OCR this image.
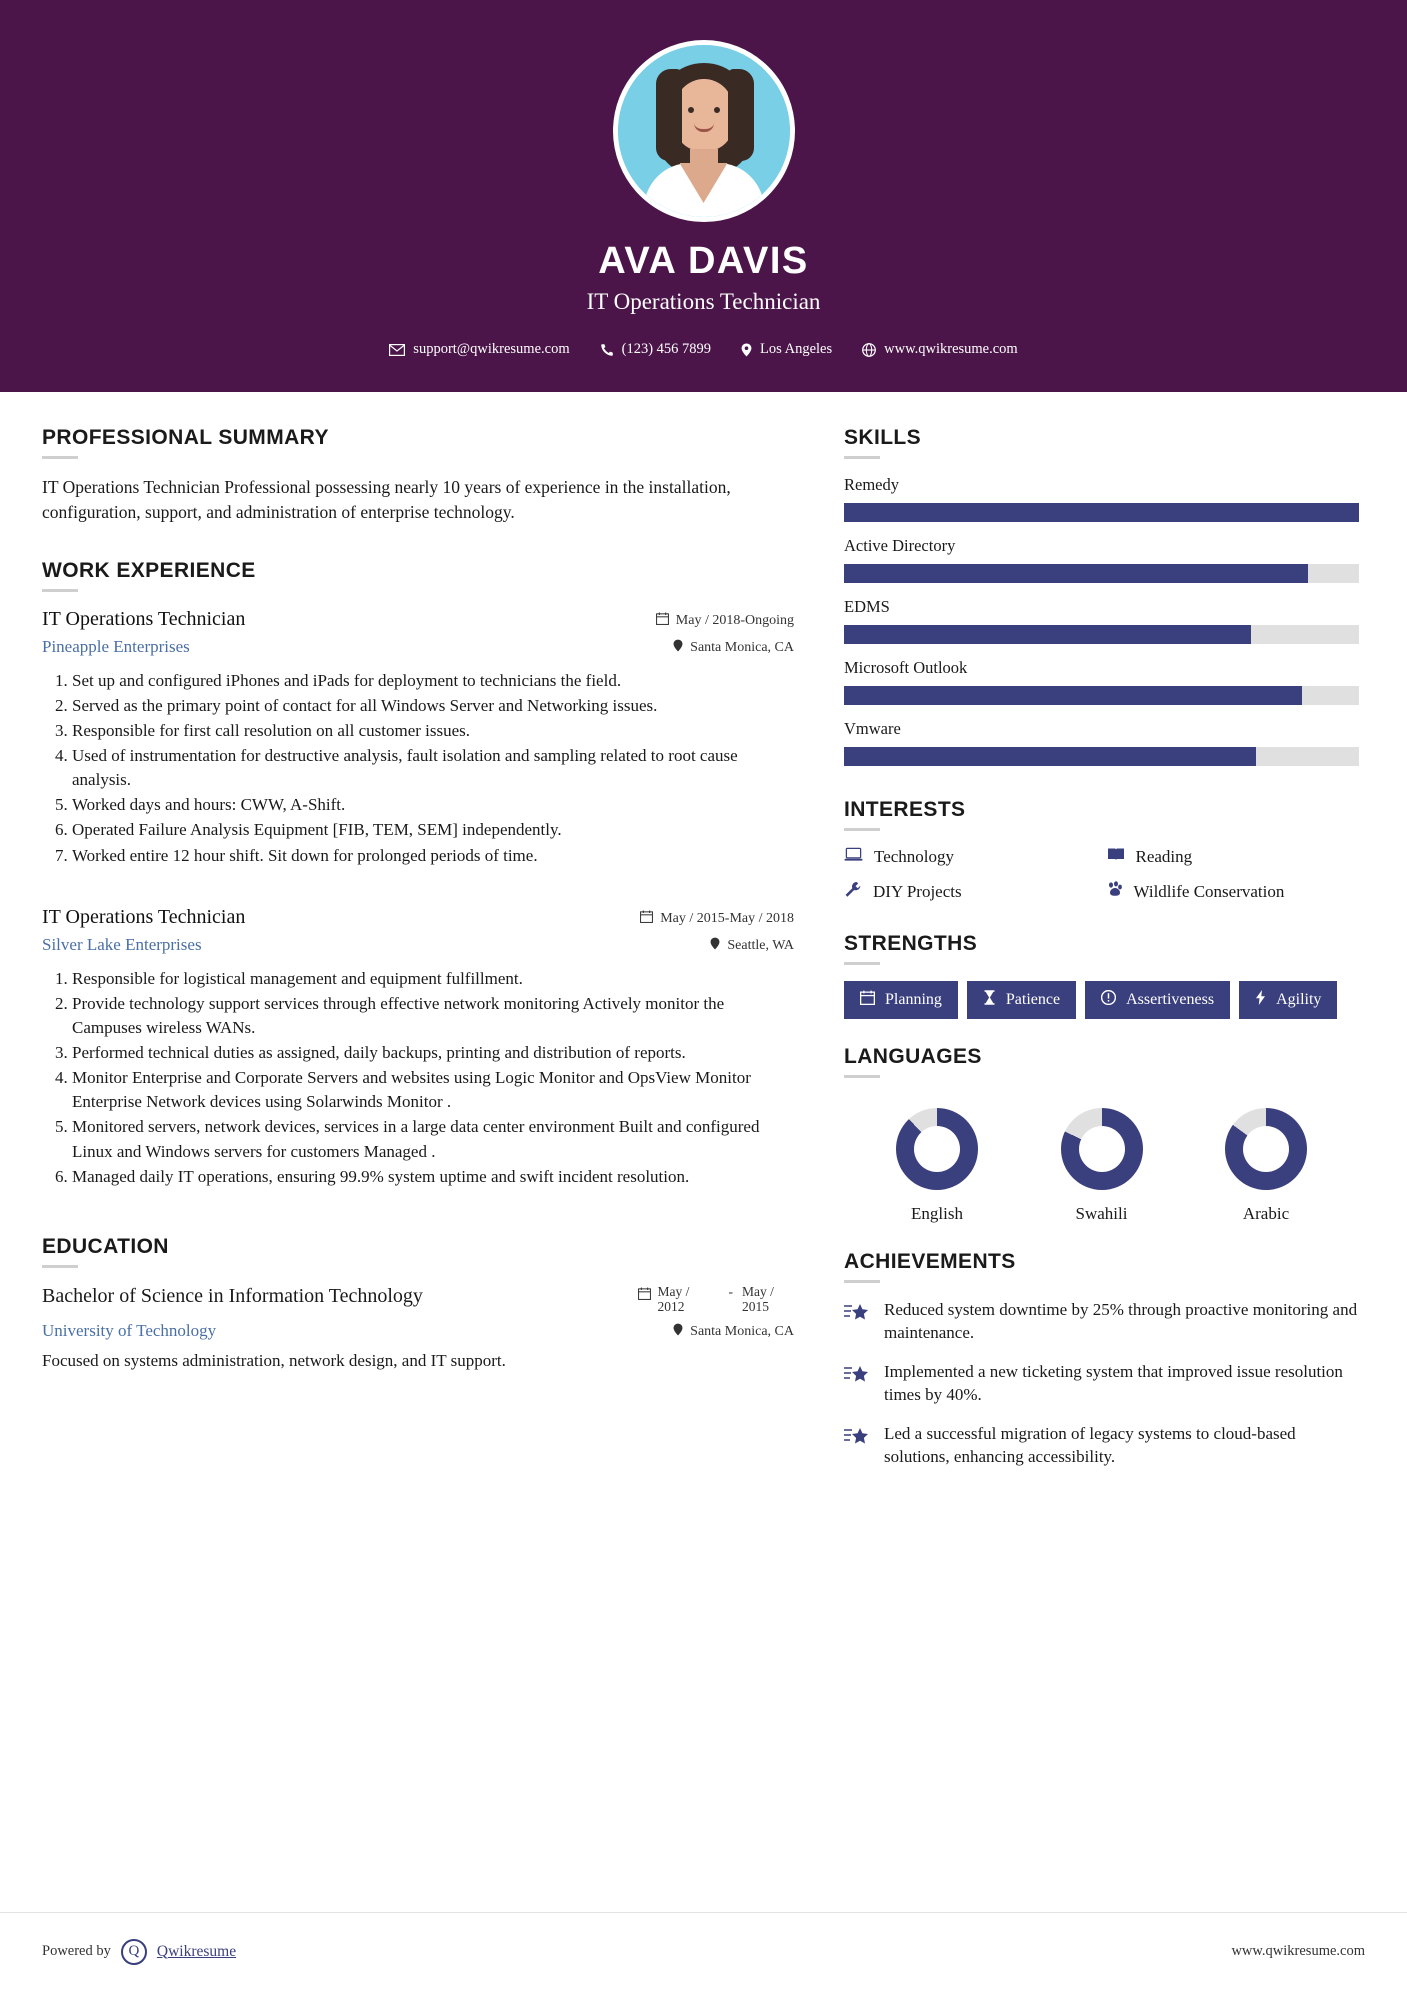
AVA DAVIS
IT Operations Technician
support@qwikresume.com	(123) 456 7899	Los Angeles	www.qwikresume.com
PROFESSIONAL SUMMARY

IT Operations Technician Professional possessing nearly 10 years of experience in the installation, configuration, support, and administration of enterprise technology.

WORK EXPERIENCE
IT Operations Technician	May / 2018-Ongoing
Pineapple Enterprises	Santa Monica, CA
1. Set up and configured iPhones and iPads for deployment to technicians the field.
2. Served as the primary point of contact for all Windows Server and Networking issues.
3. Responsible for first call resolution on all customer issues.
4. Used of instrumentation for destructive analysis, fault isolation and sampling related to root cause analysis.
5. Worked days and hours: CWW, A-Shift.
6. Operated Failure Analysis Equipment [FIB, TEM, SEM] independently.
7. Worked entire 12 hour shift. Sit down for prolonged periods of time.
IT Operations Technician	May / 2015-May / 2018
Silver Lake Enterprises	Seattle, WA
1. Responsible for logistical management and equipment fulfillment.
2. Provide technology support services through effective network monitoring Actively monitor the Campuses wireless WANs.
3. Performed technical duties as assigned, daily backups, printing and distribution of reports.
4. Monitor Enterprise and Corporate Servers and websites using Logic Monitor and OpsView Monitor Enterprise Network devices using Solarwinds Monitor .
5. Monitored servers, network devices, services in a large data center environment Built and configured Linux and Windows servers for customers Managed .
6. Managed daily IT operations, ensuring 99.9% system uptime and swift incident resolution.
EDUCATION
Bachelor of Science in Information Technology	May / 2012
- May / 2015
University of Technology	Santa Monica, CA
Focused on systems administration, network design, and IT support.
SKILLS
Remedy
Active Directory
EDMS
Microsoft Outlook
Vmware
INTERESTS
Technology	Reading
DIY Projects	Wildlife Conservation
STRENGTHS
Planning	Patience	Assertiveness	Agility
LANGUAGES
English	Swahili	Arabic
ACHIEVEMENTS
Reduced system downtime by 25% through proactive monitoring and maintenance.
Implemented a new ticketing system that improved issue resolution times by 40%.
Led a successful migration of legacy systems to cloud-based solutions, enhancing accessibility.
Powered by	Q	Qwikresume	www.qwikresume.com
